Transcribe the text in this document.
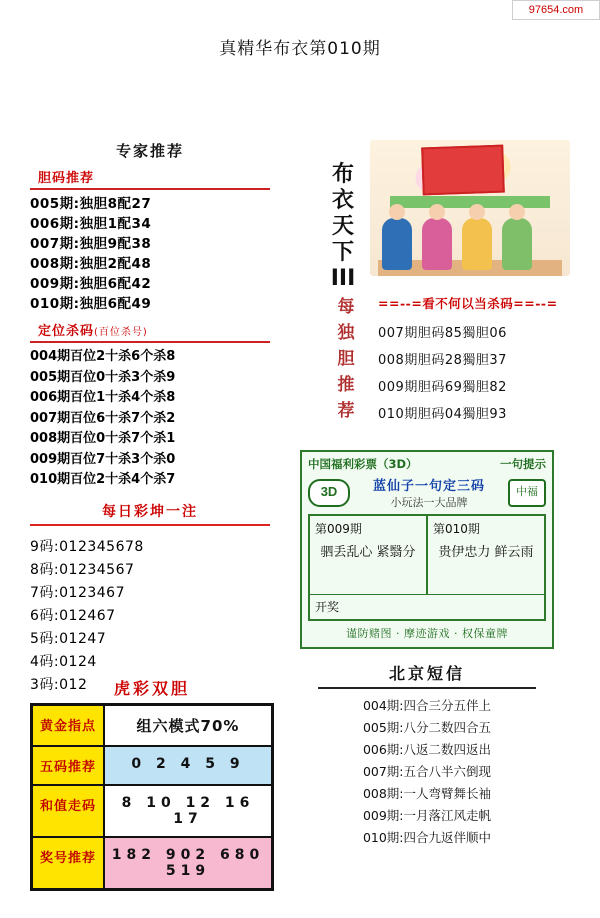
97654.com
真精华布衣第010期
专家推荐
胆码推荐
005期:独胆8配27
006期:独胆1配34
007期:独胆9配38
008期:独胆2配48
009期:独胆6配42
010期:独胆6配49
定位杀码(百位杀号)
004期百位2十杀6个杀8
005期百位0十杀3个杀9
006期百位1十杀4个杀8
007期百位6十杀7个杀2
008期百位0十杀7个杀1
009期百位7十杀3个杀0
010期百位2十杀4个杀7
每日彩坤一注
9码:012345678
8码:01234567
7码:0123467
6码:012467
5码:01247
4码:0124
3码:012	虎彩双胆
黄金指点	组六模式70%
五码推荐	0 2 4 5 9
和值走码	8 10 12 16 17
奖号推荐	182 902 680 519
布衣天下III
每独胆推荐
==--=看不何以当杀码==--=
007期胆码85獨胆06
008期胆码28獨胆37
009期胆码69獨胆82
010期胆码04獨胆93
中国福利彩票（3D）	一句提示
3D	蓝仙子一句定三码
小玩法一大品牌
中福
第009期
驷丢乱心 紧翳分
第010期
贵伊忠力 鲜云雨
开奖
谨防赌图 · 摩迹游戏 · 权保童牌
北京短信
004期:四合三分五伴上
005期:八分二数四合五
006期:八返二数四返出
007期:五合八半六倒现
008期:一人弯臂舞长袖
009期:一月落江风走帆
010期:四合九返伴顺中
